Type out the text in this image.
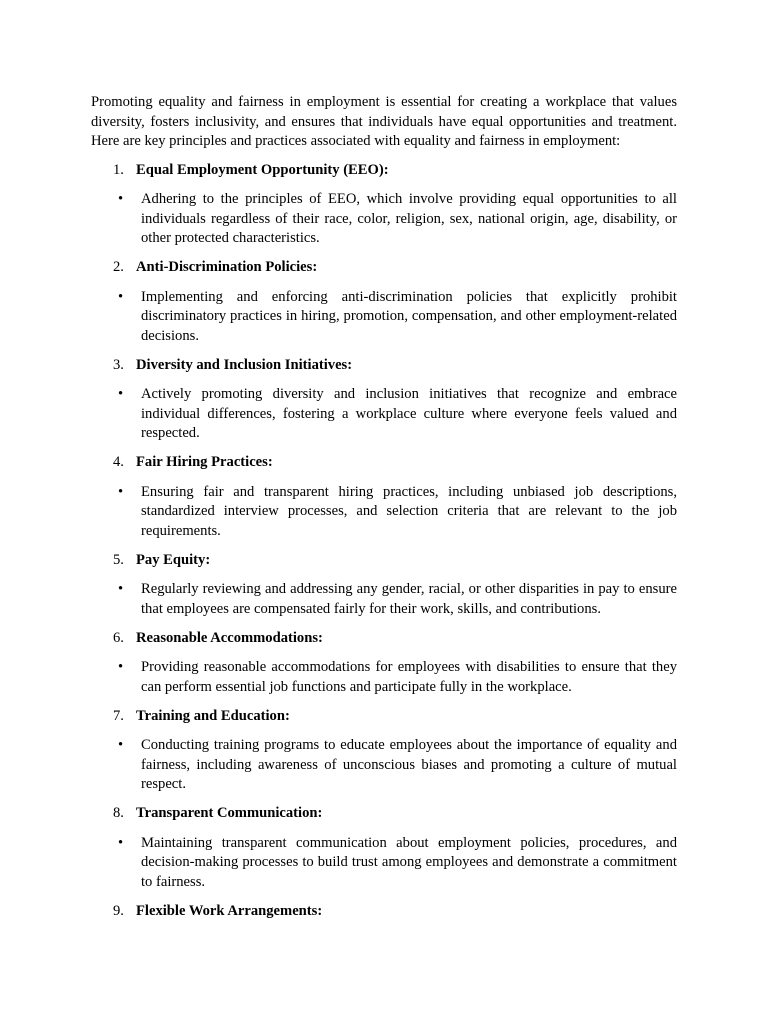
Promoting equality and fairness in employment is essential for creating a workplace that values diversity, fosters inclusivity, and ensures that individuals have equal opportunities and treatment. Here are key principles and practices associated with equality and fairness in employment:

1. Equal Employment Opportunity (EEO):
• Adhering to the principles of EEO, which involve providing equal opportunities to all individuals regardless of their race, color, religion, sex, national origin, age, disability, or other protected characteristics.
2. Anti-Discrimination Policies:
• Implementing and enforcing anti-discrimination policies that explicitly prohibit discriminatory practices in hiring, promotion, compensation, and other employment-related decisions.
3. Diversity and Inclusion Initiatives:
• Actively promoting diversity and inclusion initiatives that recognize and embrace individual differences, fostering a workplace culture where everyone feels valued and respected.
4. Fair Hiring Practices:
• Ensuring fair and transparent hiring practices, including unbiased job descriptions, standardized interview processes, and selection criteria that are relevant to the job requirements.
5. Pay Equity:
• Regularly reviewing and addressing any gender, racial, or other disparities in pay to ensure that employees are compensated fairly for their work, skills, and contributions.
6. Reasonable Accommodations:
• Providing reasonable accommodations for employees with disabilities to ensure that they can perform essential job functions and participate fully in the workplace.
7. Training and Education:
• Conducting training programs to educate employees about the importance of equality and fairness, including awareness of unconscious biases and promoting a culture of mutual respect.
8. Transparent Communication:
• Maintaining transparent communication about employment policies, procedures, and decision-making processes to build trust among employees and demonstrate a commitment to fairness.
9. Flexible Work Arrangements:
